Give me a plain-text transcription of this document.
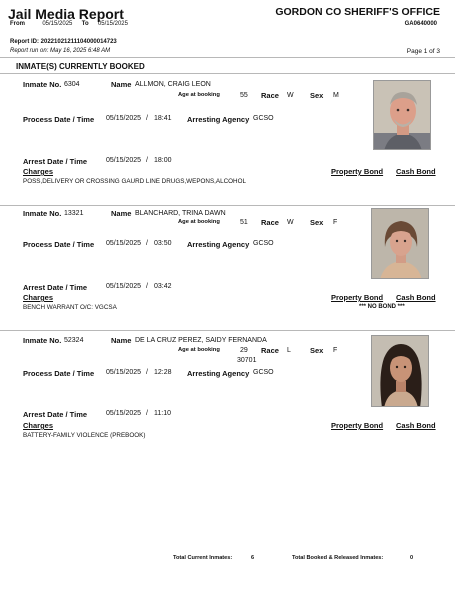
Jail Media Report	GORDON CO SHERIFF'S OFFICE
GA0640000
From	05/15/2025 To 05/15/2025
Report ID: 20221021211104000014723
Report run on: May 16, 2025 6:48 AM	Page 1 of 3
INMATE(S) CURRENTLY BOOKED
Inmate No. 6304	Name ALLMON, CRAIG LEON
Age at booking	55 Race W Sex M
Process Date / Time 05/15/2025 / 18:41 Arresting Agency GCSO
Arrest Date / Time	05/15/2025 / 18:00
Charges	Property Bond Cash Bond
POSS,DELIVERY OR CROSSING GAURD LINE DRUGS,WEPONS,ALCOHOL
Inmate No. 13321	Name BLANCHARD, TRINA DAWN
Age at booking	51 Race W Sex F
Process Date / Time 05/15/2025 / 03:50 Arresting Agency GCSO
Arrest Date / Time	05/15/2025 / 03:42
Charges	Property Bond Cash Bond
BENCH WARRANT O/C: VGCSA	*** NO BOND ***
Inmate No. 52324	Name DE LA CRUZ PEREZ, SAIDY FERNANDA
Age at booking	29 Race L	Sex F
30701
Process Date / Time 05/15/2025 / 12:28 Arresting Agency GCSO
Arrest Date / Time	05/15/2025 / 11:10
Charges	Property Bond Cash Bond
BATTERY-FAMILY VIOLENCE (PREBOOK)
Total Current Inmates:	6	Total Booked & Released Inmates:	0
